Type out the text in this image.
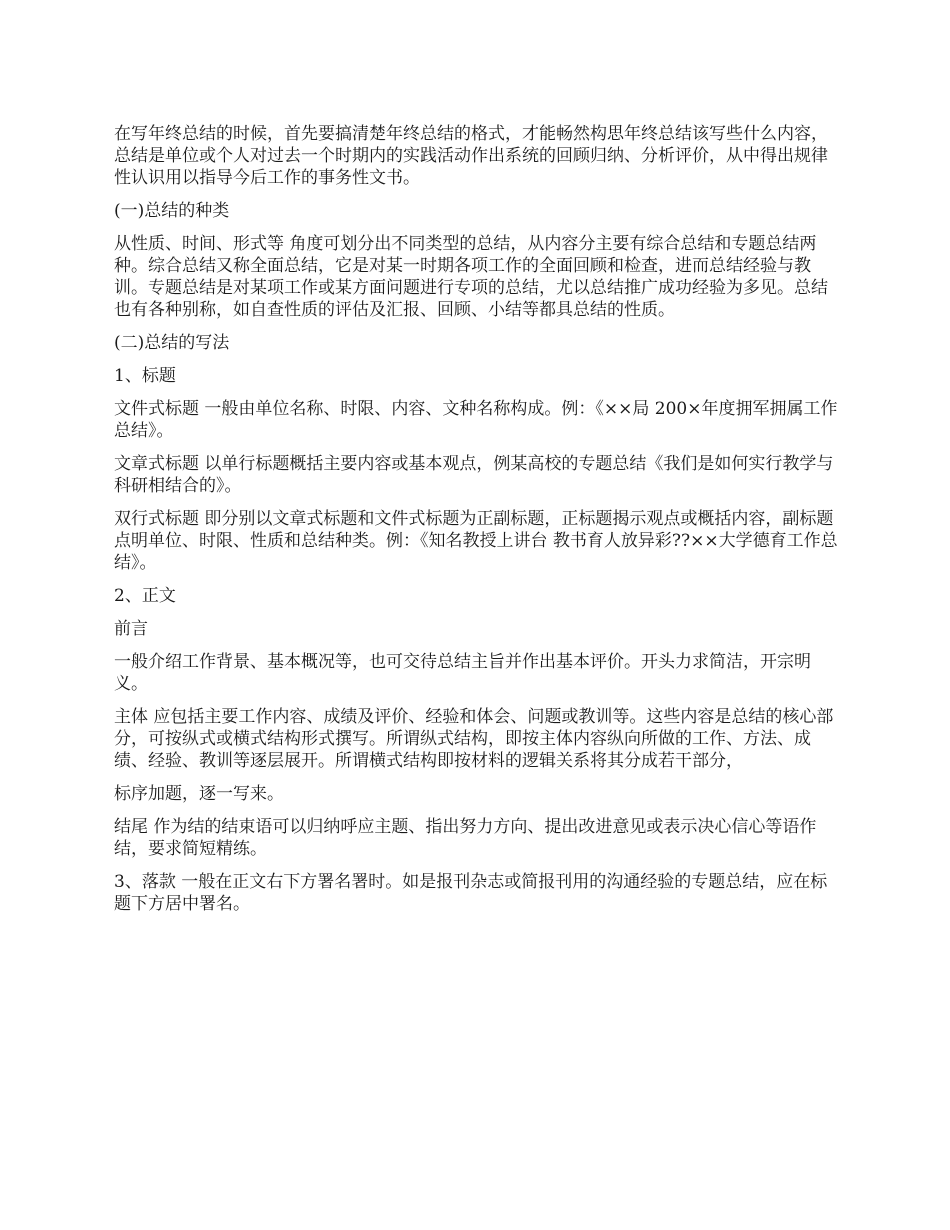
在写年终总结的时候，首先要搞清楚年终总结的格式，才能畅然构思年终总结该写些什么内容，总结是单位或个人对过去一个时期内的实践活动作出系统的回顾归纳、分析评价，从中得出规律性认识用以指导今后工作的事务性文书。

(一)总结的种类

从性质、时间、形式等 角度可划分出不同类型的总结，从内容分主要有综合总结和专题总结两种。综合总结又称全面总结，它是对某一时期各项工作的全面回顾和检查，进而总结经验与教 训。专题总结是对某项工作或某方面问题进行专项的总结，尤以总结推广成功经验为多见。总结也有各种别称，如自查性质的评估及汇报、回顾、小结等都具总结的性质。

(二)总结的写法

1、标题

文件式标题 一般由单位名称、时限、内容、文种名称构成。例：《××局 200×年度拥军拥属工作总结》。

文章式标题 以单行标题概括主要内容或基本观点，例某高校的专题总结《我们是如何实行教学与科研相结合的》。

双行式标题 即分别以文章式标题和文件式标题为正副标题，正标题揭示观点或概括内容，副标题点明单位、时限、性质和总结种类。例：《知名教授上讲台 教书育人放异彩??××大学德育工作总结》。

2、正文

前言

一般介绍工作背景、基本概况等，也可交待总结主旨并作出基本评价。开头力求简洁，开宗明义。

主体 应包括主要工作内容、成绩及评价、经验和体会、问题或教训等。这些内容是总结的核心部分，可按纵式或横式结构形式撰写。所谓纵式结构，即按主体内容纵向所做的工作、方法、成绩、经验、教训等逐层展开。所谓横式结构即按材料的逻辑关系将其分成若干部分，

标序加题，逐一写来。

结尾 作为结的结束语可以归纳呼应主题、指出努力方向、提出改进意见或表示决心信心等语作结，要求简短精练。

3、落款 一般在正文右下方署名署时。如是报刊杂志或简报刊用的沟通经验的专题总结，应在标题下方居中署名。
